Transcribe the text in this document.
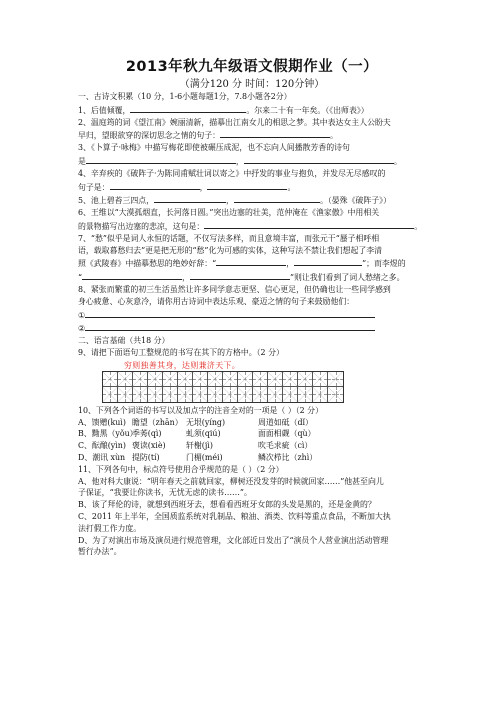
2013年秋九年级语文假期作业（一）
（满分120 分 时间：120分钟）
一、古诗文积累（10 分，1-6小题每题1分，7.8小题各2分）
1、后值倾覆，	。尔来二十有一年矣。（《出师表》）
2、温庭筠的词《望江南》婉丽清新，描摹出江南女儿的相思之梦。其中表达女主人公盼夫
早归，望眼欲穿的深切思念之情的句子：	。
3、《卜算子·咏梅》中描写梅花即使被碾压成泥，也不忘向人间播散芳香的诗句
是	，	。
4、辛弃疾的《破阵子·为陈同甫赋壮词以寄之》中抒发的事业与抱负，并发尽无尽感叹的
句子是：	，	。
5、池上碧苔三四点，	，	。（晏殊《破阵子》）
6、王维以“大漠孤烟直，长河落日圆。”突出边塞的壮美，范仲淹在《渔家傲》中用相关
的景物描写出边塞的悲凉，这句是：	。
7、“愁”似乎是词人永恒的话题，不仅写法多样，而且意境丰富，而张元干“蜃子相呼相
语，载取暮愁归去”更是把无形的“愁”化为可感的实体，这种写法不禁让我们想起了李清
照《武陵春》中描摹愁思的绝妙好辞：“	，	”；而李煜的
“	，	”则让我们看到了词人愁绪之多。
8、紧张而繁重的初三生活虽然让许多同学意志更坚、信心更足，但仍确也让一些同学感到
身心疲惫、心灰意冷，请你用古诗词中表达乐观、豪迈之情的句子来鼓励他们：
①
②
二、语言基础（共18 分）
9、请把下面语句工整规范的书写在其下的方格中。（2 分）
穷则独善其身，达则兼济天下。
10、下列各个词语的书写以及加点字的注音全对的一项是（ ）（2 分）
A、馈赠(kuì) 瞻望（zhān） 无垠(yíng)	周道如砥（dǐ）
B、黝黑（yǒu）季莠(qì)	虬须(qiú)	面面相觑（qù）
C、酝酿(yìn) 褒读(xiè)	轩榭(jì)	吹毛求疵（cì）
D、潮讯 xùn 提防(tí)	门楣(méi)	鳞次栉比（zhì）
11、下列各句中，标点符号使用合乎规范的是（ ）（2 分）
A、他对科大康说：“明年春天之前就回家，柳树还没发芽的时候就回家……”他甚至向儿
子保证，“我要让你读书，无忧无虑的读书……”。
B、该了拜伦的诗，就想到西班牙去，想看看西班牙女郎的头发是黑的，还是金黄的？
C、2011 年上半年，全国质监系统对乳制品、粮油、酒类、饮料等重点食品，不断加大执
法打假工作力度。
D、为了对演出市场及演员进行规范管理，文化部近日发出了“演员个人营业演出活动管理
暂行办法”。
